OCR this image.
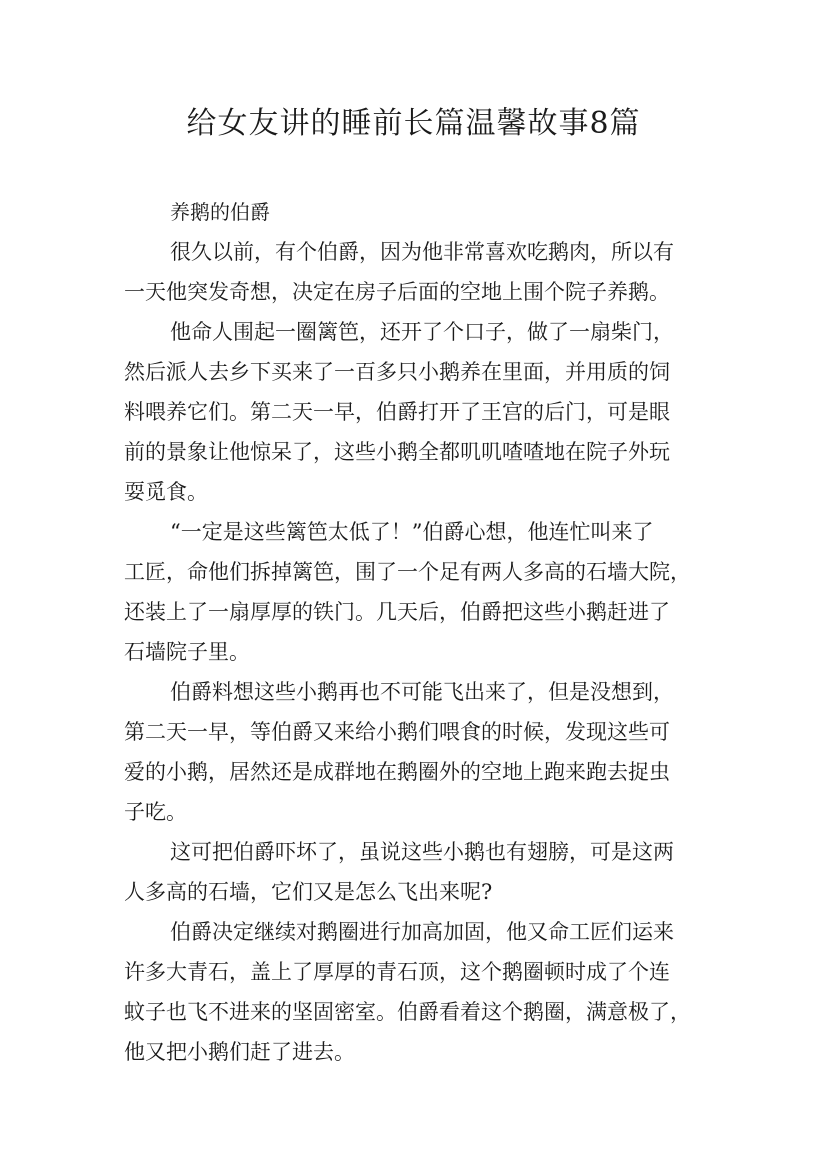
给女友讲的睡前长篇温馨故事8篇

养鹅的伯爵

很久以前，有个伯爵，因为他非常喜欢吃鹅肉，所以有
一天他突发奇想，决定在房子后面的空地上围个院子养鹅。

他命人围起一圈篱笆，还开了个口子，做了一扇柴门，
然后派人去乡下买来了一百多只小鹅养在里面，并用质的饲
料喂养它们。第二天一早，伯爵打开了王宫的后门，可是眼
前的景象让他惊呆了，这些小鹅全都叽叽喳喳地在院子外玩
耍觅食。

“一定是这些篱笆太低了！”伯爵心想，他连忙叫来了
工匠，命他们拆掉篱笆，围了一个足有两人多高的石墙大院，
还装上了一扇厚厚的铁门。几天后，伯爵把这些小鹅赶进了
石墙院子里。

伯爵料想这些小鹅再也不可能飞出来了，但是没想到，
第二天一早，等伯爵又来给小鹅们喂食的时候，发现这些可
爱的小鹅，居然还是成群地在鹅圈外的空地上跑来跑去捉虫
子吃。

这可把伯爵吓坏了，虽说这些小鹅也有翅膀，可是这两
人多高的石墙，它们又是怎么飞出来呢?

伯爵决定继续对鹅圈进行加高加固，他又命工匠们运来
许多大青石，盖上了厚厚的青石顶，这个鹅圈顿时成了个连
蚊子也飞不进来的坚固密室。伯爵看着这个鹅圈，满意极了，
他又把小鹅们赶了进去。
